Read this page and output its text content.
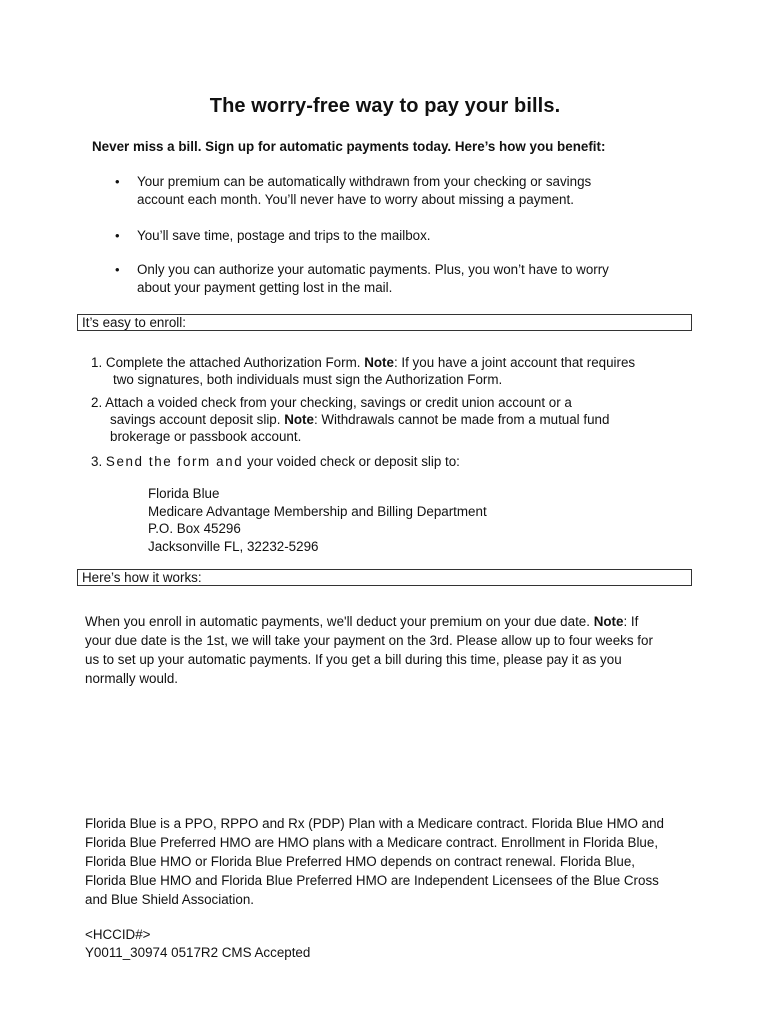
The worry-free way to pay your bills.
Never miss a bill. Sign up for automatic payments today. Here’s how you benefit:
• Your premium can be automatically withdrawn from your checking or savings
account each month. You’ll never have to worry about missing a payment.
• You’ll save time, postage and trips to the mailbox.
• Only you can authorize your automatic payments. Plus, you won’t have to worry
about your payment getting lost in the mail.
It’s easy to enroll:
1. Complete the attached Authorization Form. Note: If you have a joint account that requires
two signatures, both individuals must sign the Authorization Form.
2. Attach a voided check from your checking, savings or credit union account or a
savings account deposit slip. Note: Withdrawals cannot be made from a mutual fund
brokerage or passbook account.
3. Send the form and your voided check or deposit slip to:
Florida Blue
Medicare Advantage Membership and Billing Department
P.O. Box 45296
Jacksonville FL, 32232-5296
Here’s how it works:
When you enroll in automatic payments, we'll deduct your premium on your due date. Note: If
your due date is the 1st, we will take your payment on the 3rd. Please allow up to four weeks for
us to set up your automatic payments. If you get a bill during this time, please pay it as you
normally would.
Florida Blue is a PPO, RPPO and Rx (PDP) Plan with a Medicare contract. Florida Blue HMO and
Florida Blue Preferred HMO are HMO plans with a Medicare contract. Enrollment in Florida Blue,
Florida Blue HMO or Florida Blue Preferred HMO depends on contract renewal. Florida Blue,
Florida Blue HMO and Florida Blue Preferred HMO are Independent Licensees of the Blue Cross
and Blue Shield Association.
<HCCID#>
Y0011_30974 0517R2 CMS Accepted
